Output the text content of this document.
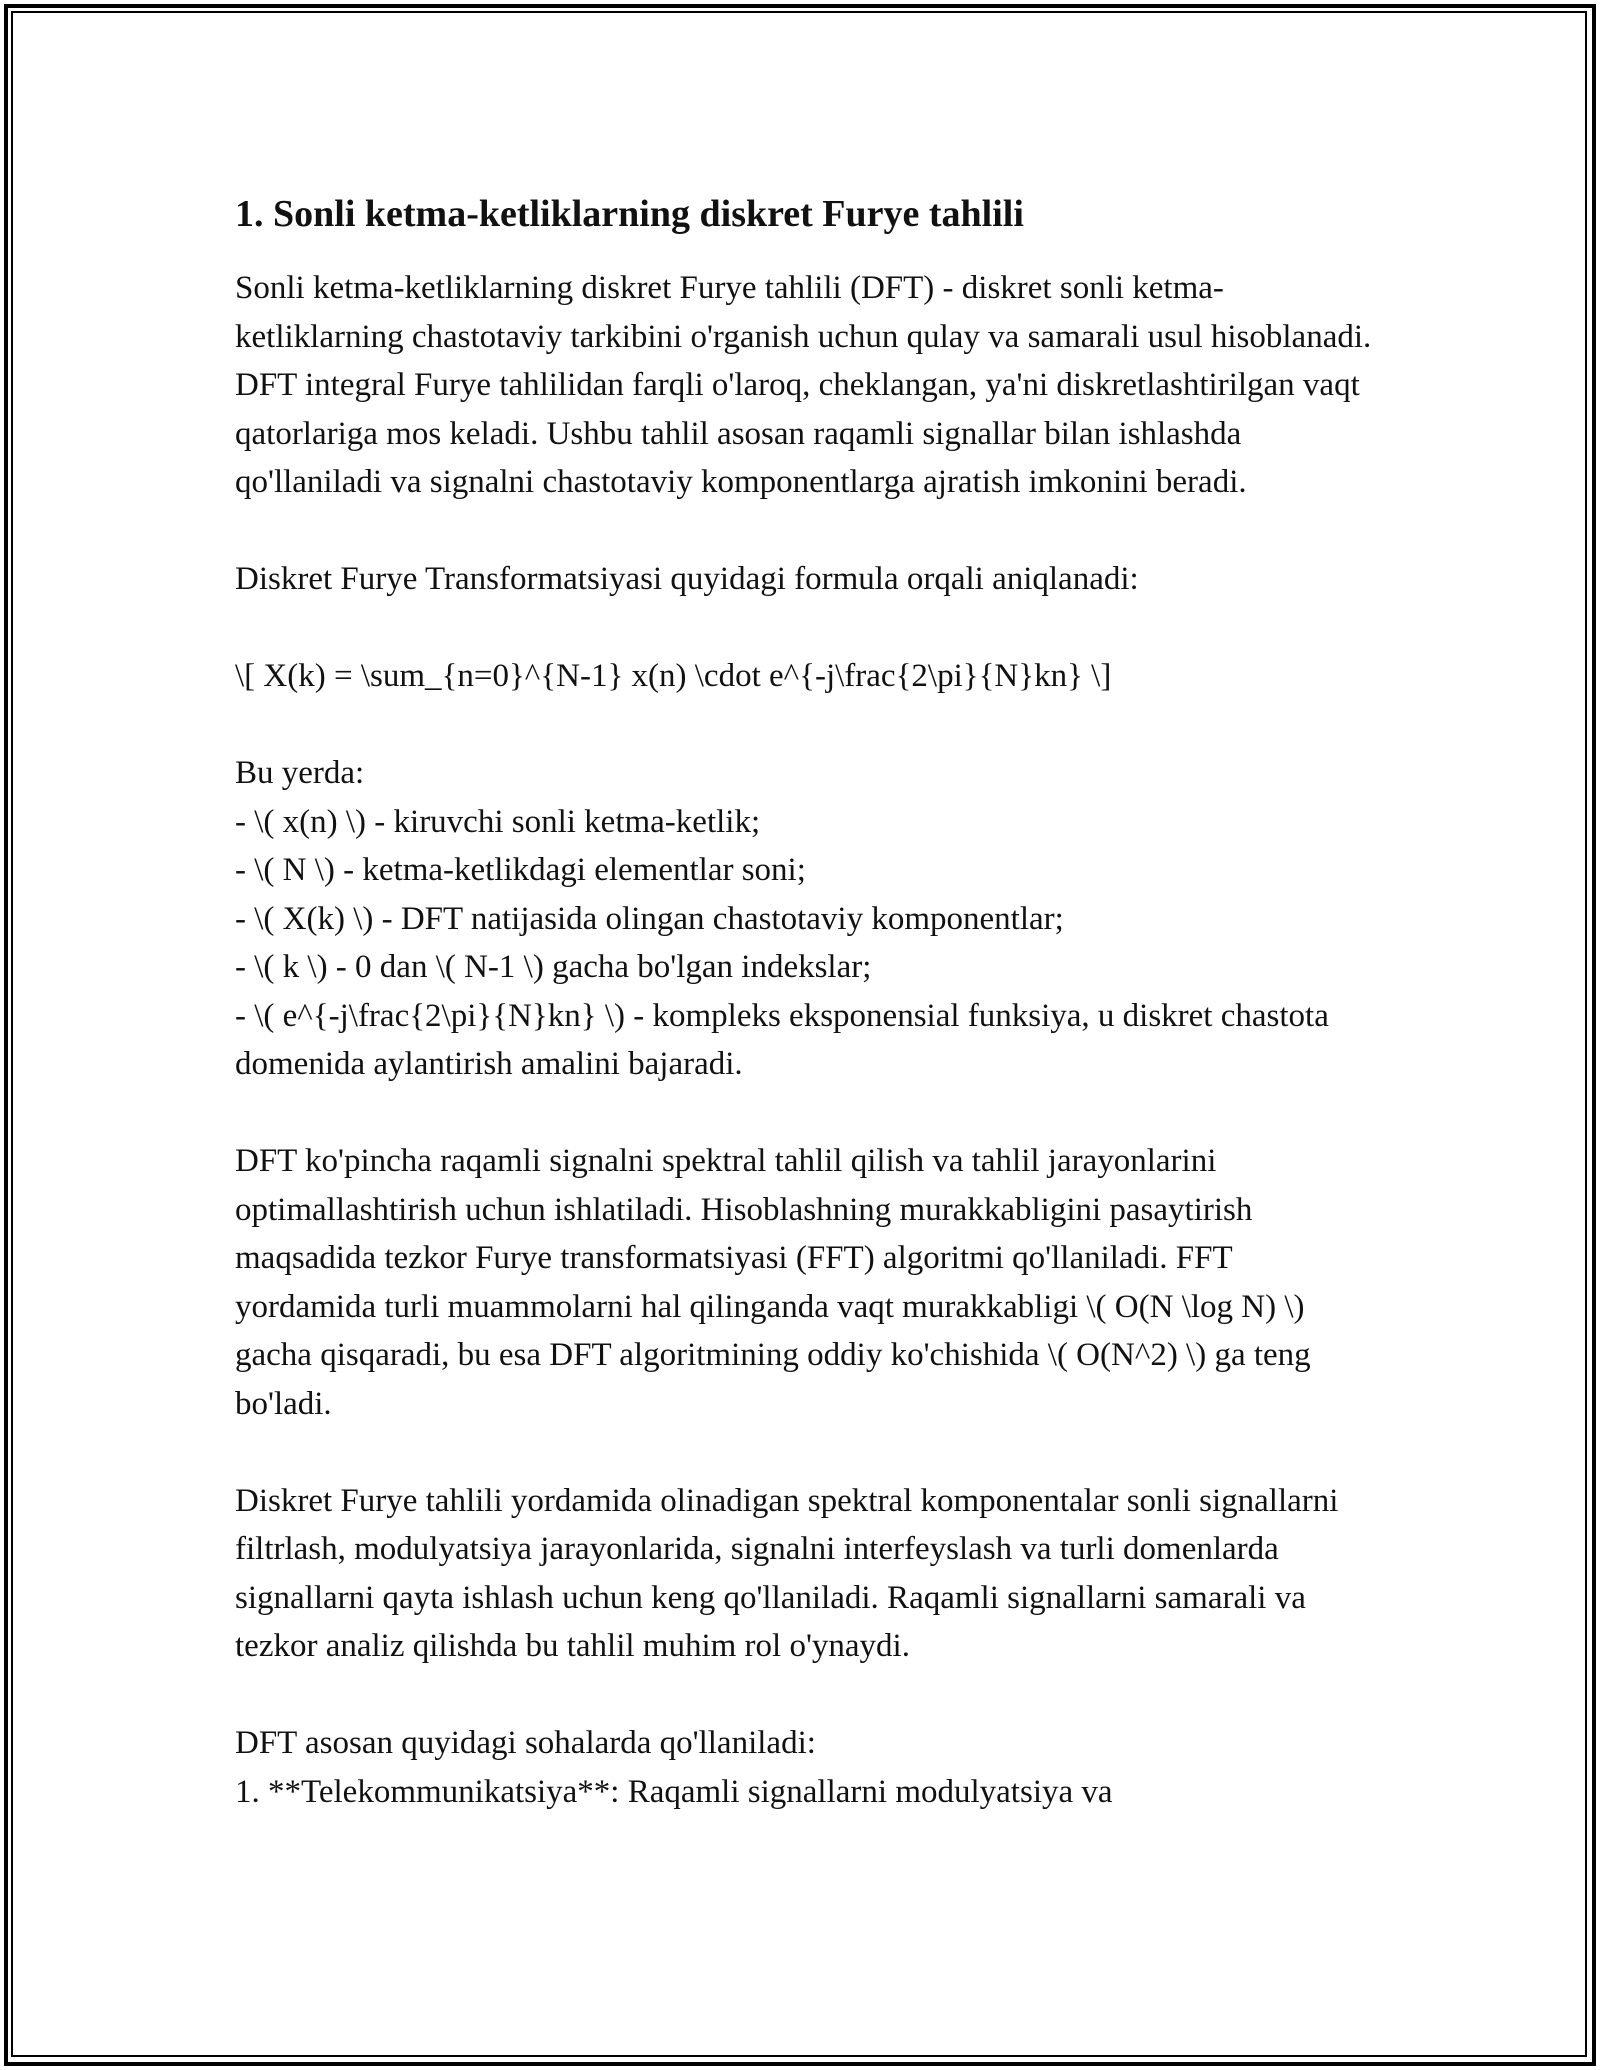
1. Sonli ketma-ketliklarning diskret Furye tahlili

Sonli ketma-ketliklarning diskret Furye tahlili (DFT) - diskret sonli ketma-ketliklarning chastotaviy tarkibini o'rganish uchun qulay va samarali usul hisoblanadi. DFT integral Furye tahlilidan farqli o'laroq, cheklangan, ya'ni diskretlashtirilgan vaqt qatorlariga mos keladi. Ushbu tahlil asosan raqamli signallar bilan ishlashda qo'llaniladi va signalni chastotaviy komponentlarga ajratish imkonini beradi.

Diskret Furye Transformatsiyasi quyidagi formula orqali aniqlanadi:

\[ X(k) = \sum_{n=0}^{N-1} x(n) \cdot e^{-j\frac{2\pi}{N}kn} \]

Bu yerda:
- \( x(n) \) - kiruvchi sonli ketma-ketlik;
- \( N \) - ketma-ketlikdagi elementlar soni;
- \( X(k) \) - DFT natijasida olingan chastotaviy komponentlar;
- \( k \) - 0 dan \( N-1 \) gacha bo'lgan indekslar;
- \( e^{-j\frac{2\pi}{N}kn} \) - kompleks eksponensial funksiya, u diskret chastota domenida aylantirish amalini bajaradi.

DFT ko'pincha raqamli signalni spektral tahlil qilish va tahlil jarayonlarini optimallashtirish uchun ishlatiladi. Hisoblashning murakkabligini pasaytirish maqsadida tezkor Furye transformatsiyasi (FFT) algoritmi qo'llaniladi. FFT yordamida turli muammolarni hal qilinganda vaqt murakkabligi \( O(N \log N) \) gacha qisqaradi, bu esa DFT algoritmining oddiy ko'chishida \( O(N^2) \) ga teng bo'ladi.

Diskret Furye tahlili yordamida olinadigan spektral komponentalar sonli signallarni filtrlash, modulyatsiya jarayonlarida, signalni interfeyslash va turli domenlarda signallarni qayta ishlash uchun keng qo'llaniladi. Raqamli signallarni samarali va tezkor analiz qilishda bu tahlil muhim rol o'ynaydi.

DFT asosan quyidagi sohalarda qo'llaniladi:
1. **Telekommunikatsiya**: Raqamli signallarni modulyatsiya va
